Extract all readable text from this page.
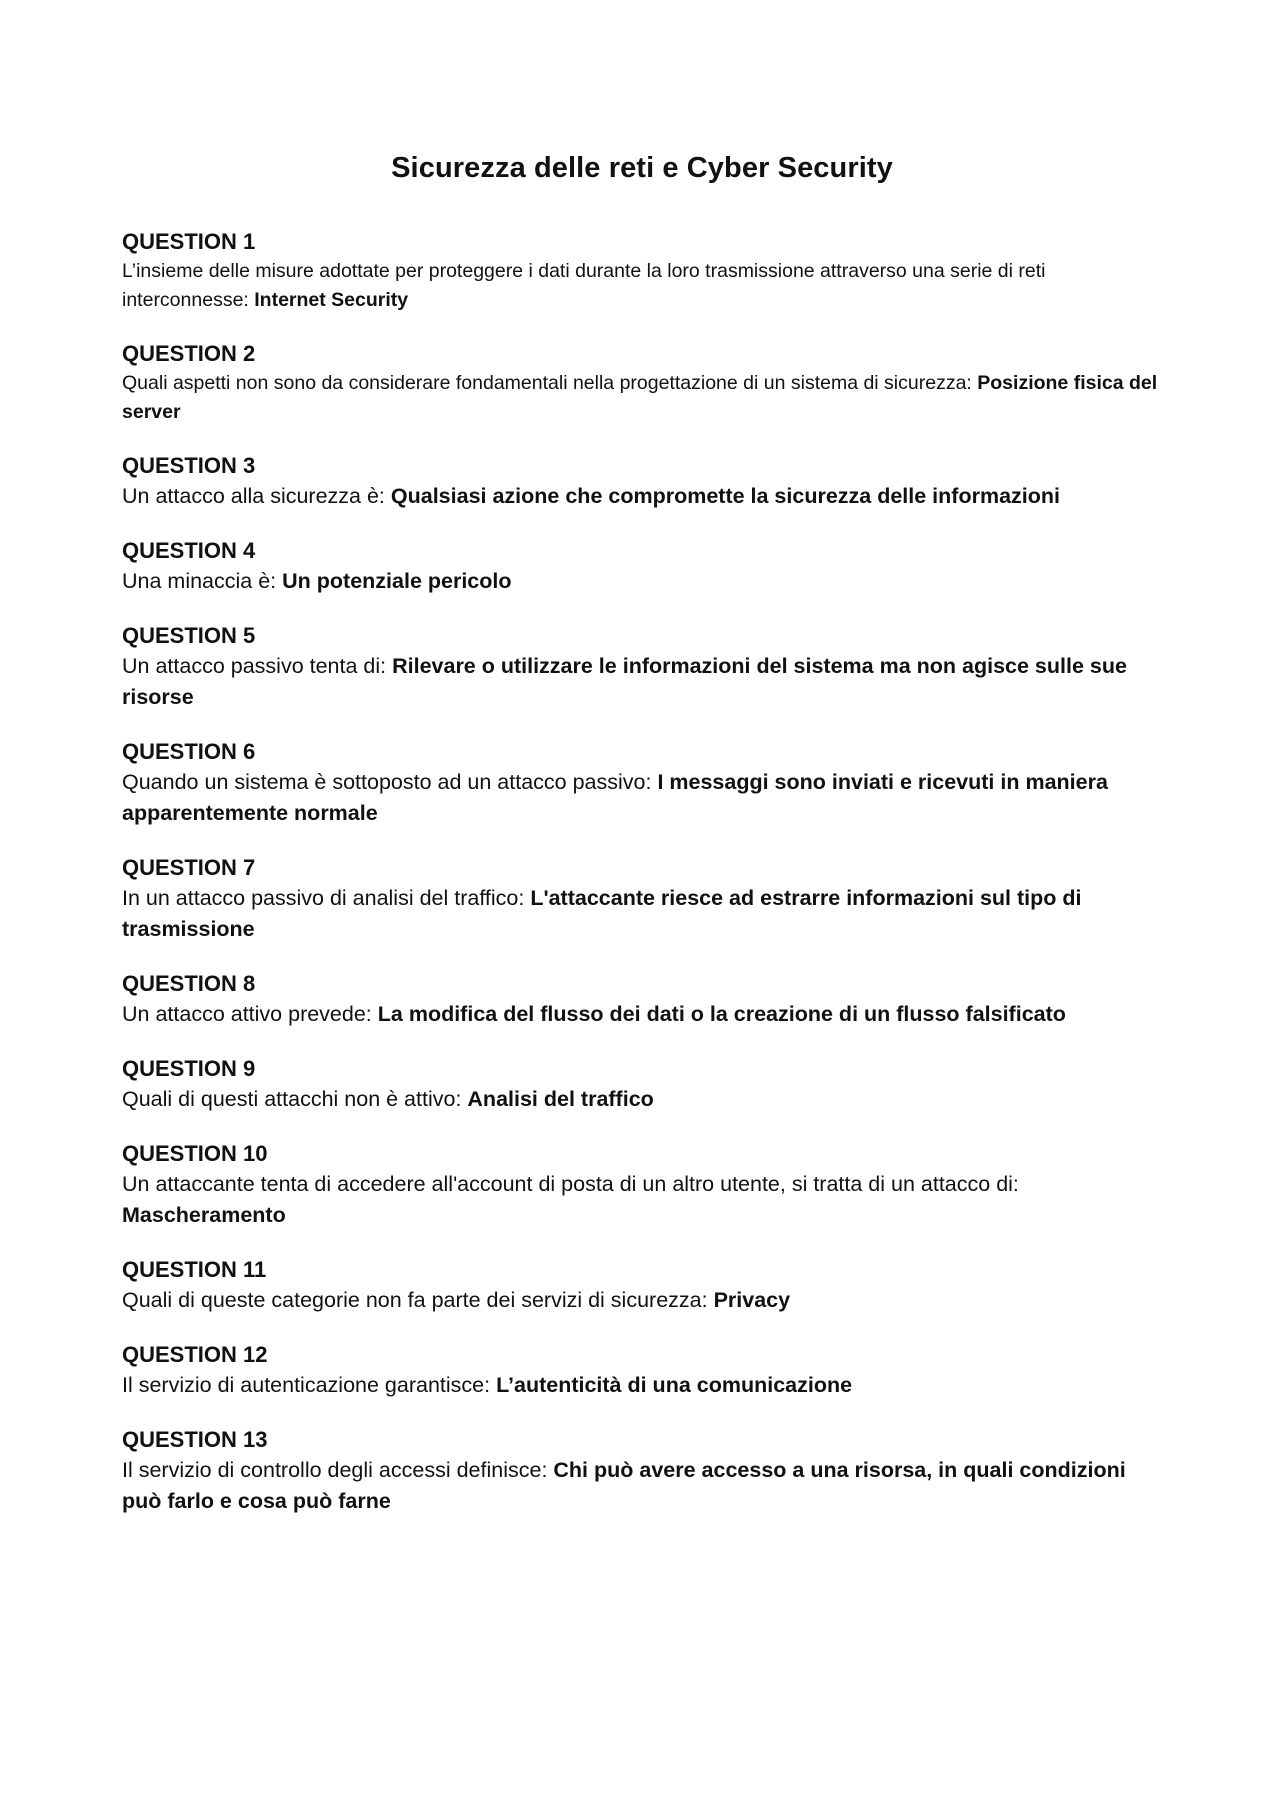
Sicurezza delle reti e Cyber Security

QUESTION 1

L’insieme delle misure adottate per proteggere i dati durante la loro trasmissione attraverso una serie di reti interconnesse: Internet Security

QUESTION 2

Quali aspetti non sono da considerare fondamentali nella progettazione di un sistema di sicurezza: Posizione fisica del server

QUESTION 3

Un attacco alla sicurezza è: Qualsiasi azione che compromette la sicurezza delle informazioni

QUESTION 4

Una minaccia è: Un potenziale pericolo

QUESTION 5

Un attacco passivo tenta di: Rilevare o utilizzare le informazioni del sistema ma non agisce sulle sue risorse

QUESTION 6

Quando un sistema è sottoposto ad un attacco passivo: I messaggi sono inviati e ricevuti in maniera apparentemente normale

QUESTION 7

In un attacco passivo di analisi del traffico: L'attaccante riesce ad estrarre informazioni sul tipo di trasmissione

QUESTION 8

Un attacco attivo prevede: La modifica del flusso dei dati o la creazione di un flusso falsificato

QUESTION 9

Quali di questi attacchi non è attivo: Analisi del traffico

QUESTION 10

Un attaccante tenta di accedere all'account di posta di un altro utente, si tratta di un attacco di: Mascheramento

QUESTION 11

Quali di queste categorie non fa parte dei servizi di sicurezza: Privacy

QUESTION 12

Il servizio di autenticazione garantisce: L’autenticità di una comunicazione

QUESTION 13

Il servizio di controllo degli accessi definisce: Chi può avere accesso a una risorsa, in quali condizioni può farlo e cosa può farne
